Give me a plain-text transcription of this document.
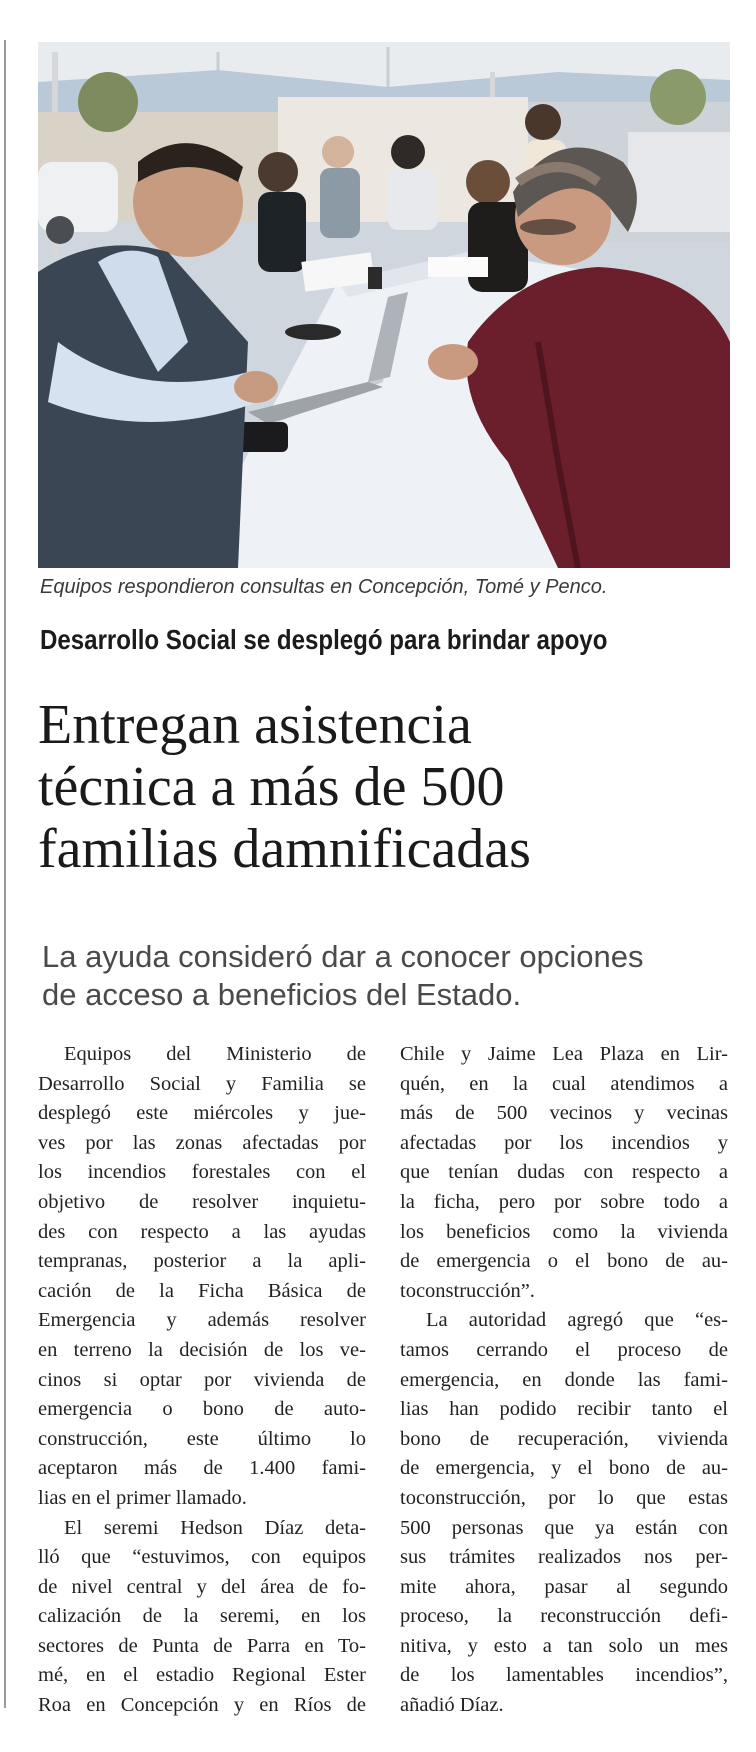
Equipos respondieron consultas en Concepción, Tomé y Penco.
Desarrollo Social se desplegó para brindar apoyo
Entregan asistencia
técnica a más de 500
familias damnificadas

La ayuda consideró dar a conocer opciones
de acceso a beneficios del Estado.

Equipos del Ministerio de
Desarrollo Social y Familia se
desplegó este miércoles y jue-
ves por las zonas afectadas por
los incendios forestales con el
objetivo de resolver inquietu-
des con respecto a las ayudas
tempranas, posterior a la apli-
cación de la Ficha Básica de
Emergencia y además resolver
en terreno la decisión de los ve-
cinos si optar por vivienda de
emergencia o bono de auto-
construcción, este último lo
aceptaron más de 1.400 fami-
lias en el primer llamado.
El seremi Hedson Díaz deta-
lló que “estuvimos, con equipos
de nivel central y del área de fo-
calización de la seremi, en los
sectores de Punta de Parra en To-
mé, en el estadio Regional Ester
Roa en Concepción y en Ríos de
Chile y Jaime Lea Plaza en Lir-
quén, en la cual atendimos a
más de 500 vecinos y vecinas
afectadas por los incendios y
que tenían dudas con respecto a
la ficha, pero por sobre todo a
los beneficios como la vivienda
de emergencia o el bono de au-
toconstrucción”.
La autoridad agregó que “es-
tamos cerrando el proceso de
emergencia, en donde las fami-
lias han podido recibir tanto el
bono de recuperación, vivienda
de emergencia, y el bono de au-
toconstrucción, por lo que estas
500 personas que ya están con
sus trámites realizados nos per-
mite ahora, pasar al segundo
proceso, la reconstrucción defi-
nitiva, y esto a tan solo un mes
de los lamentables incendios”,
añadió Díaz.
